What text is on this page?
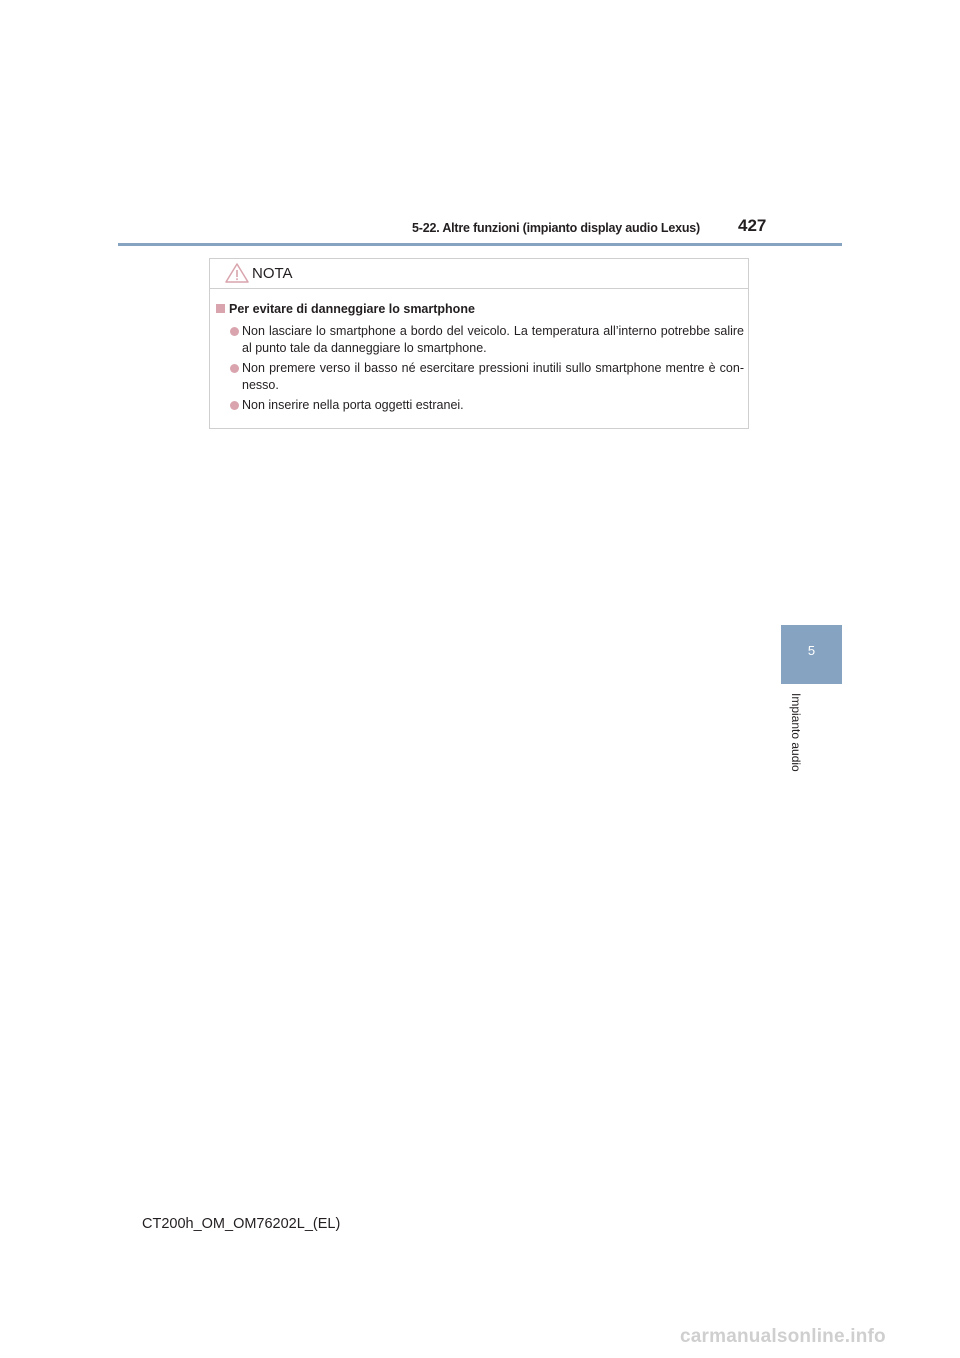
5-22. Altre funzioni (impianto display audio Lexus) 427
NOTA
Per evitare di danneggiare lo smartphone
Non lasciare lo smartphone a bordo del veicolo. La temperatura all’interno potrebbe salire al punto tale da danneggiare lo smartphone.
Non premere verso il basso né esercitare pressioni inutili sullo smartphone mentre è con- nesso.
Non inserire nella porta oggetti estranei.
5
Impianto audio
CT200h_OM_OM76202L_(EL)
carmanualsonline.info
